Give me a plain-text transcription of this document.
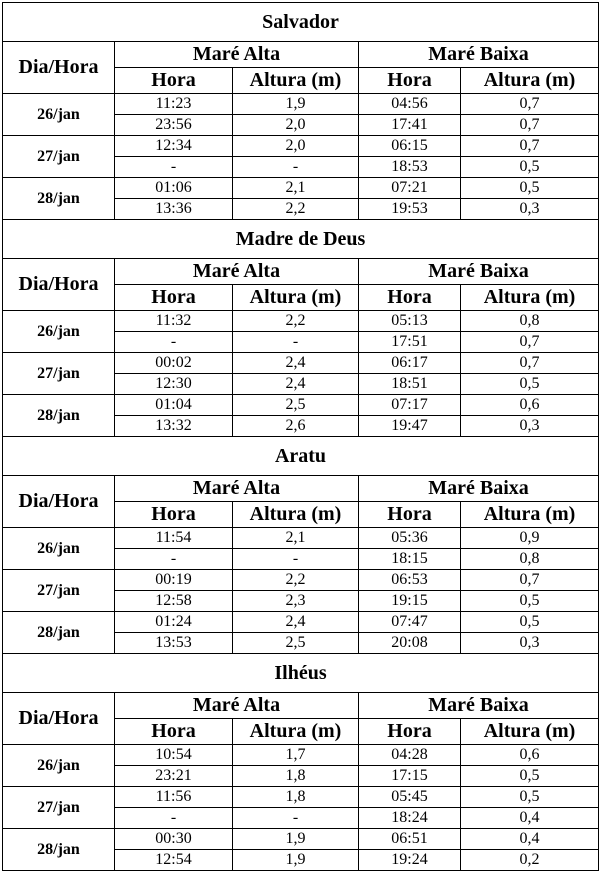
Salvador				
Dia/Hora	Maré Alta		Maré Baixa	
	Hora	Altura (m)	Hora	Altura (m)
26/jan	11:23	1,9	04:56	0,7
	23:56	2,0	17:41	0,7
27/jan	12:34	2,0	06:15	0,7
	-	-	18:53	0,5
28/jan	01:06	2,1	07:21	0,5
	13:36	2,2	19:53	0,3
Madre de Deus				
Dia/Hora	Maré Alta		Maré Baixa	
	Hora	Altura (m)	Hora	Altura (m)
26/jan	11:32	2,2	05:13	0,8
	-	-	17:51	0,7
27/jan	00:02	2,4	06:17	0,7
	12:30	2,4	18:51	0,5
28/jan	01:04	2,5	07:17	0,6
	13:32	2,6	19:47	0,3
Aratu				
Dia/Hora	Maré Alta		Maré Baixa	
	Hora	Altura (m)	Hora	Altura (m)
26/jan	11:54	2,1	05:36	0,9
	-	-	18:15	0,8
27/jan	00:19	2,2	06:53	0,7
	12:58	2,3	19:15	0,5
28/jan	01:24	2,4	07:47	0,5
	13:53	2,5	20:08	0,3
Ilhéus				
Dia/Hora	Maré Alta		Maré Baixa	
	Hora	Altura (m)	Hora	Altura (m)
26/jan	10:54	1,7	04:28	0,6
	23:21	1,8	17:15	0,5
27/jan	11:56	1,8	05:45	0,5
	-	-	18:24	0,4
28/jan	00:30	1,9	06:51	0,4
	12:54	1,9	19:24	0,2
